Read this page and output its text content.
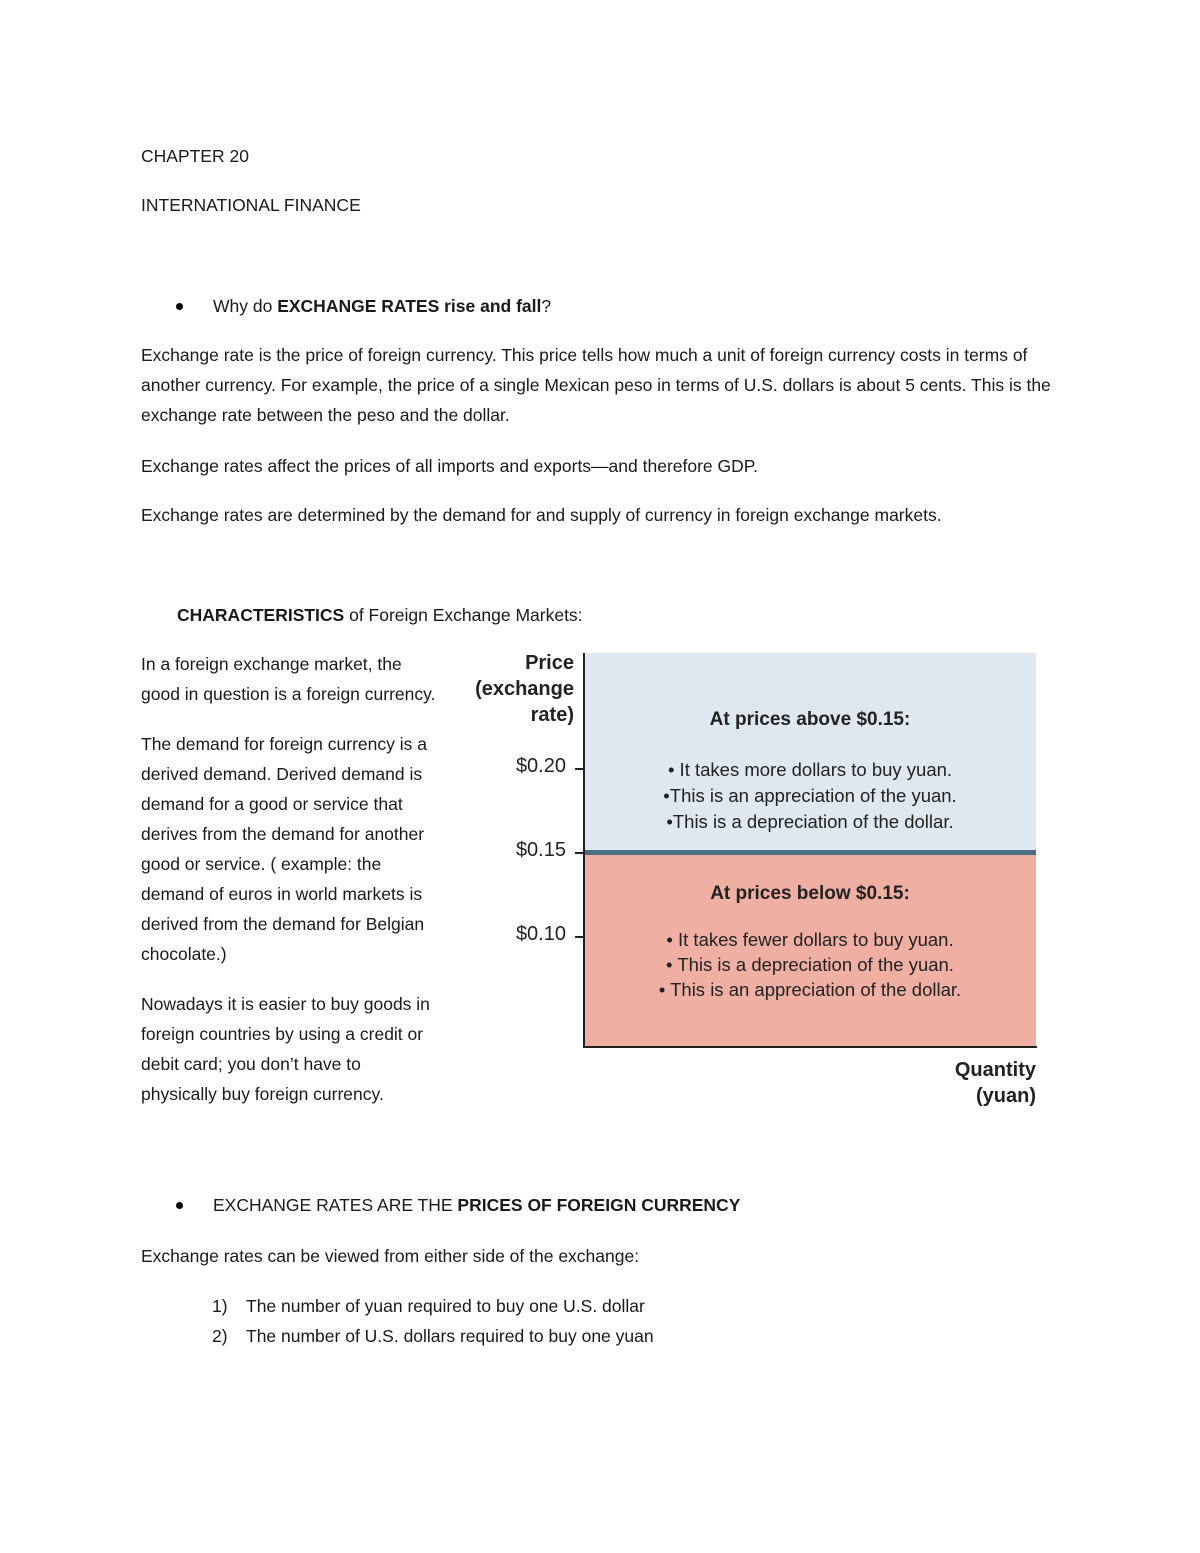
CHAPTER 20
INTERNATIONAL FINANCE
Why do EXCHANGE RATES rise and fall?
Exchange rate is the price of foreign currency. This price tells how much a unit of foreign currency costs in terms of another currency. For example, the price of a single Mexican peso in terms of U.S. dollars is about 5 cents. This is the exchange rate between the peso and the dollar.
Exchange rates affect the prices of all imports and exports—and therefore GDP.
Exchange rates are determined by the demand for and supply of currency in foreign exchange markets.
CHARACTERISTICS of Foreign Exchange Markets:

In a foreign exchange market, the good in question is a foreign currency.

The demand for foreign currency is a derived demand. Derived demand is demand for a good or service that derives from the demand for another good or service. ( example: the demand of euros in world markets is derived from the demand for Belgian chocolate.)

Nowadays it is easier to buy goods in foreign countries by using a credit or debit card; you don’t have to physically buy foreign currency.

Price
(exchange
rate)	At prices above $0.15:
• It takes more dollars to buy yuan.
•This is an appreciation of the yuan.
•This is a depreciation of the dollar.
At prices below $0.15:
• It takes fewer dollars to buy yuan.
• This is a depreciation of the yuan.
• This is an appreciation of the dollar.
Quantity
(yuan)
$0.20
$0.15
$0.10
EXCHANGE RATES ARE THE PRICES OF FOREIGN CURRENCY
Exchange rates can be viewed from either side of the exchange:
1)	The number of yuan required to buy one U.S. dollar
2)	The number of U.S. dollars required to buy one yuan
